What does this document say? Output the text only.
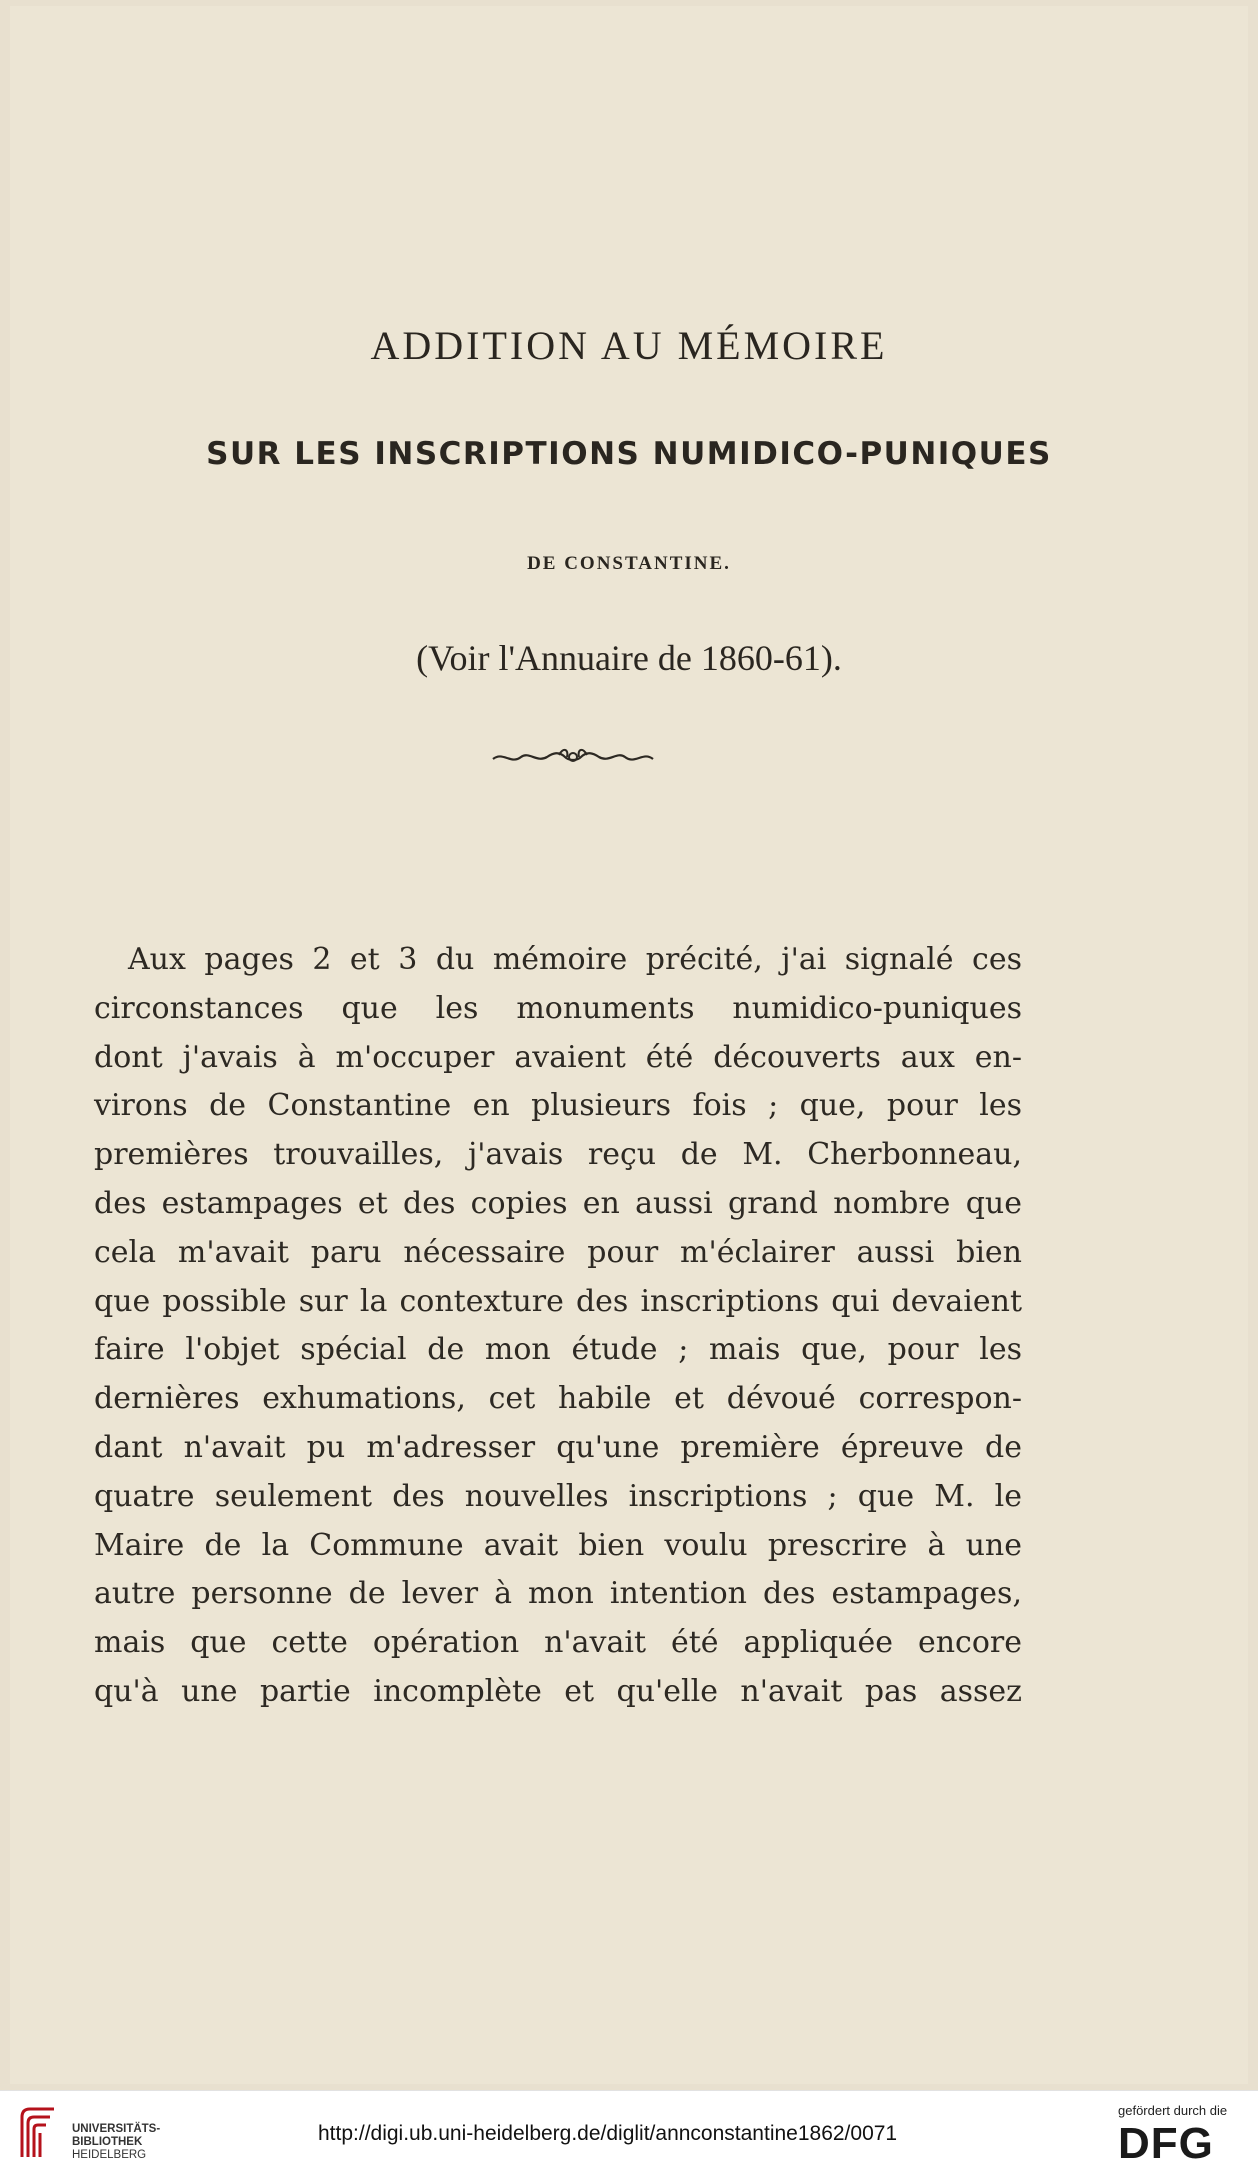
ADDITION AU MÉMOIRE
SUR LES INSCRIPTIONS NUMIDICO-PUNIQUES
DE CONSTANTINE.
(Voir l'Annuaire de 1860-61).
Aux pages 2 et 3 du mémoire précité, j'ai signalé ces
circonstances que les monuments numidico-puniques
dont j'avais à m'occuper avaient été découverts aux en-
virons de Constantine en plusieurs fois ; que, pour les
premières trouvailles, j'avais reçu de M. Cherbonneau,
des estampages et des copies en aussi grand nombre que
cela m'avait paru nécessaire pour m'éclairer aussi bien
que possible sur la contexture des inscriptions qui devaient
faire l'objet spécial de mon étude ; mais que, pour les
dernières exhumations, cet habile et dévoué correspon-
dant n'avait pu m'adresser qu'une première épreuve de
quatre seulement des nouvelles inscriptions ; que M. le
Maire de la Commune avait bien voulu prescrire à une
autre personne de lever à mon intention des estampages,
mais que cette opération n'avait été appliquée encore
qu'à une partie incomplète et qu'elle n'avait pas assez
UNIVERSITÄTS-
BIBLIOTHEK
HEIDELBERG
http://digi.ub.uni-heidelberg.de/diglit/annconstantine1862/0071
gefördert durch die
DFG
